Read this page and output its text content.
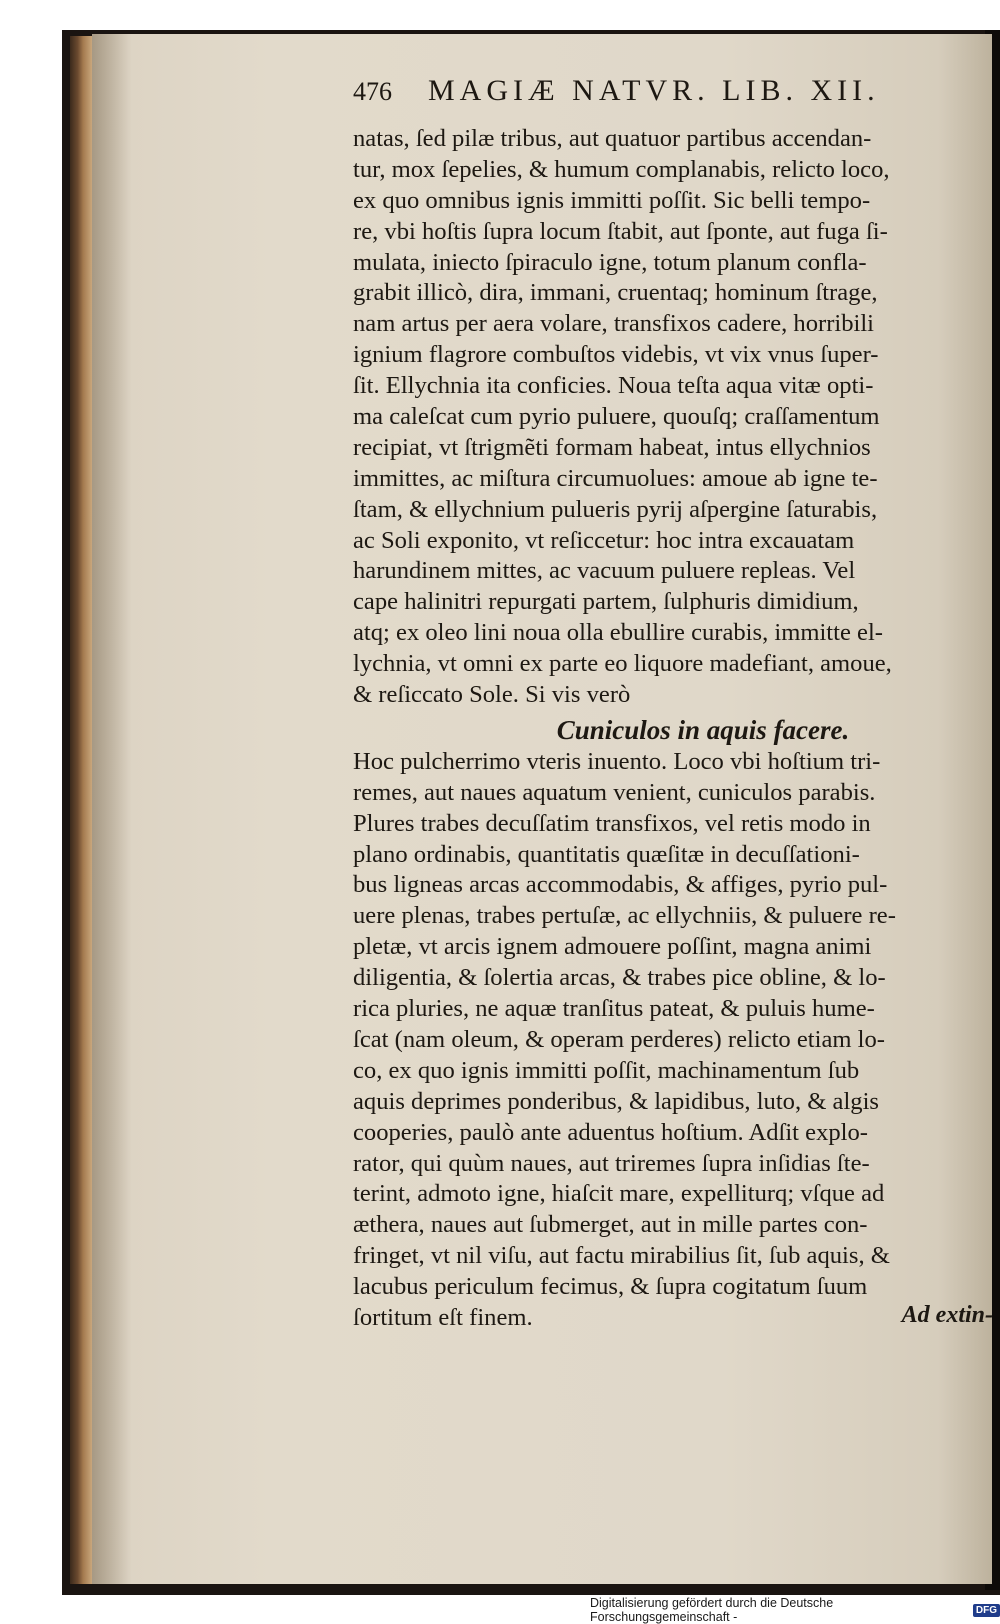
476 MAGIÆ NATVR. LIB. XII.
natas, ſed pilæ tribus, aut quatuor partibus accendan-
tur, mox ſepelies, & humum complanabis, relicto loco,
ex quo omnibus ignis immitti poſſit. Sic belli tempo-
re, vbi hoſtis ſupra locum ſtabit, aut ſponte, aut fuga ſi-
mulata, iniecto ſpiraculo igne, totum planum confla-
grabit illicò, dira, immani, cruentaq; hominum ſtrage,
nam artus per aera volare, transfixos cadere, horribili
ignium flagrore combuſtos videbis, vt vix vnus ſuper-
ſit. Ellychnia ita conficies. Noua teſta aqua vitæ opti-
ma caleſcat cum pyrio puluere, quouſq; craſſamentum
recipiat, vt ſtrigmẽti formam habeat, intus ellychnios
immittes, ac miſtura circumuolues: amoue ab igne te-
ſtam, & ellychnium pulueris pyrij aſpergine ſaturabis,
ac Soli exponito, vt reſiccetur: hoc intra excauatam
harundinem mittes, ac vacuum puluere repleas. Vel
cape halinitri repurgati partem, ſulphuris dimidium,
atq; ex oleo lini noua olla ebullire curabis, immitte el-
lychnia, vt omni ex parte eo liquore madefiant, amoue,
& reſiccato Sole. Si vis verò
Cuniculos in aquis facere.
Hoc pulcherrimo vteris inuento. Loco vbi hoſtium tri-
remes, aut naues aquatum venient, cuniculos parabis.
Plures trabes decuſſatim transfixos, vel retis modo in
plano ordinabis, quantitatis quæſitæ in decuſſationi-
bus ligneas arcas accommodabis, & affiges, pyrio pul-
uere plenas, trabes pertuſæ, ac ellychniis, & puluere re-
pletæ, vt arcis ignem admouere poſſint, magna animi
diligentia, & ſolertia arcas, & trabes pice obline, & lo-
rica pluries, ne aquæ tranſitus pateat, & puluis hume-
ſcat (nam oleum, & operam perderes) relicto etiam lo-
co, ex quo ignis immitti poſſit, machinamentum ſub
aquis deprimes ponderibus, & lapidibus, luto, & algis
cooperies, paulò ante aduentus hoſtium. Adſit explo-
rator, qui quùm naues, aut triremes ſupra inſidias ſte-
terint, admoto igne, hiaſcit mare, expelliturq; vſque ad
æthera, naues aut ſubmerget, aut in mille partes con-
fringet, vt nil viſu, aut factu mirabilius ſit, ſub aquis, &
lacubus periculum fecimus, & ſupra cogitatum ſuum
ſortitum eſt finem.	Ad extin-
Digitalisierung gefördert durch die Deutsche Forschungsgemeinschaft -	DFG
